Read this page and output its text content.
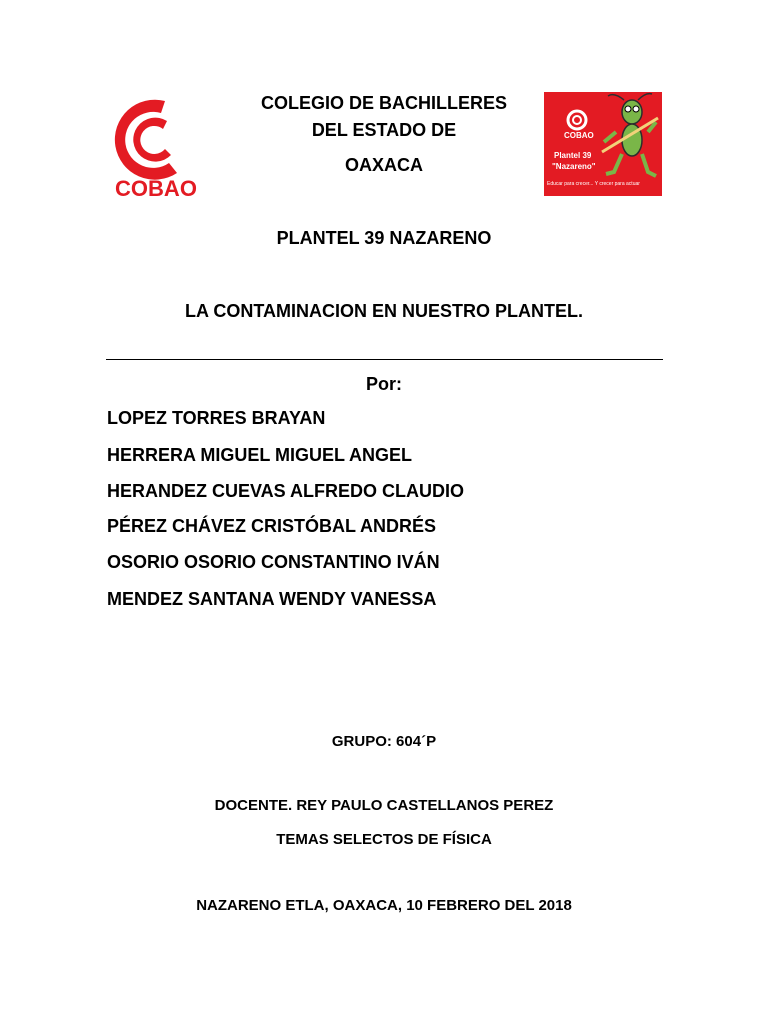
COBAO
COLEGIO DE BACHILLERES
DEL ESTADO DE
OAXACA
COBAO
Plantel 39
"Nazareno"
Educar para crecer... Y crecer para actuar
PLANTEL 39 NAZARENO
LA CONTAMINACION EN NUESTRO PLANTEL.
Por:
LOPEZ TORRES BRAYAN
HERRERA MIGUEL MIGUEL ANGEL
HERANDEZ CUEVAS ALFREDO CLAUDIO
PÉREZ CHÁVEZ CRISTÓBAL ANDRÉS
OSORIO OSORIO CONSTANTINO IVÁN
MENDEZ SANTANA WENDY VANESSA
GRUPO: 604´P
DOCENTE. REY PAULO CASTELLANOS PEREZ
TEMAS SELECTOS DE FÍSICA
NAZARENO ETLA, OAXACA, 10 FEBRERO DEL 2018
